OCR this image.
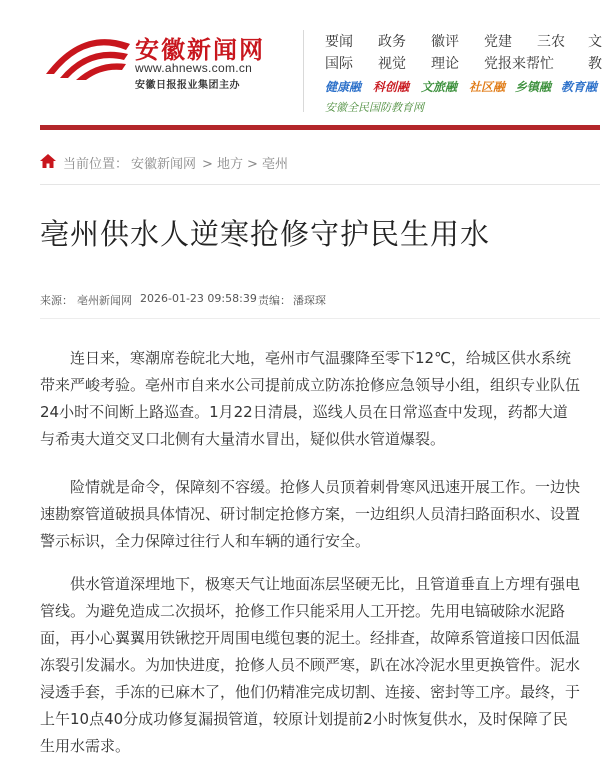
安徽新闻网
www.ahnews.com.cn
安徽日报报业集团主办
要闻 政务 徽评 党建 三农 文
国际 视觉 理论 党报来帮忙 教
健康融 科创融 文旅融 社区融 乡镇融 教育融
安徽全民国防教育网
当前位置： 安徽新闻网 > 地方 > 亳州
亳州供水人逆寒抢修守护民生用水
来源： 亳州新闻网 2026-01-23 09:58:39 责编： 潘琛琛

连日来，寒潮席卷皖北大地，亳州市气温骤降至零下12℃，给城区供水系统带来严峻考验。亳州市自来水公司提前成立防冻抢修应急领导小组，组织专业队伍24小时不间断上路巡查。1月22日清晨，巡线人员在日常巡查中发现，药都大道与希夷大道交叉口北侧有大量清水冒出，疑似供水管道爆裂。

险情就是命令，保障刻不容缓。抢修人员顶着刺骨寒风迅速开展工作。一边快速勘察管道破损具体情况、研讨制定抢修方案，一边组织人员清扫路面积水、设置警示标识，全力保障过往行人和车辆的通行安全。

供水管道深埋地下，极寒天气让地面冻层坚硬无比，且管道垂直上方埋有强电管线。为避免造成二次损坏，抢修工作只能采用人工开挖。先用电镐破除水泥路面，再小心翼翼用铁锹挖开周围电缆包裹的泥土。经排查，故障系管道接口因低温冻裂引发漏水。为加快进度，抢修人员不顾严寒，趴在冰冷泥水里更换管件。泥水浸透手套，手冻的已麻木了，他们仍精准完成切割、连接、密封等工序。最终，于上午10点40分成功修复漏损管道，较原计划提前2小时恢复供水，及时保障了民生用水需求。
